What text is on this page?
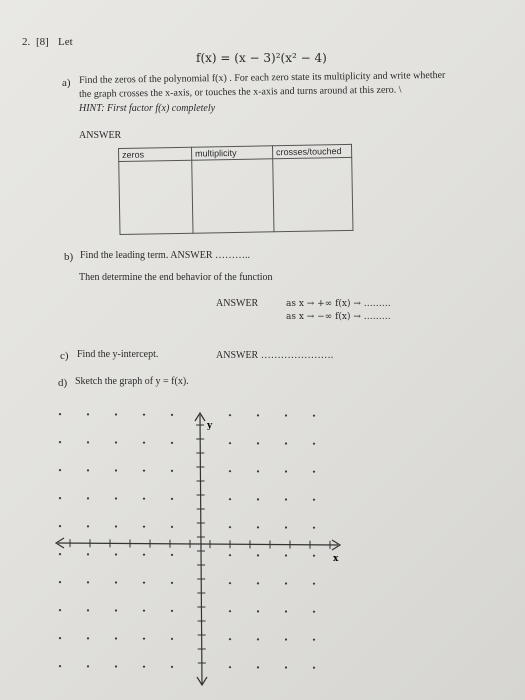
2. [8] Let
f(x) = (x − 3)²(x² − 4)
a) Find the zeros of the polynomial f(x) . For each zero state its multiplicity and write whether
the graph crosses the x-axis, or touches the x-axis and turns around at this zero. \
HINT: First factor f(x) completely
ANSWER
zeros	multiplicity	crosses/touched

b) Find the leading term. ANSWER ………..
Then determine the end behavior of the function
ANSWER	as x → +∞ f(x) → ………
as x → −∞ f(x) → ………
c) Find the y-intercept.	ANSWER ………………….
d) Sketch the graph of y = f(x).
y
x
